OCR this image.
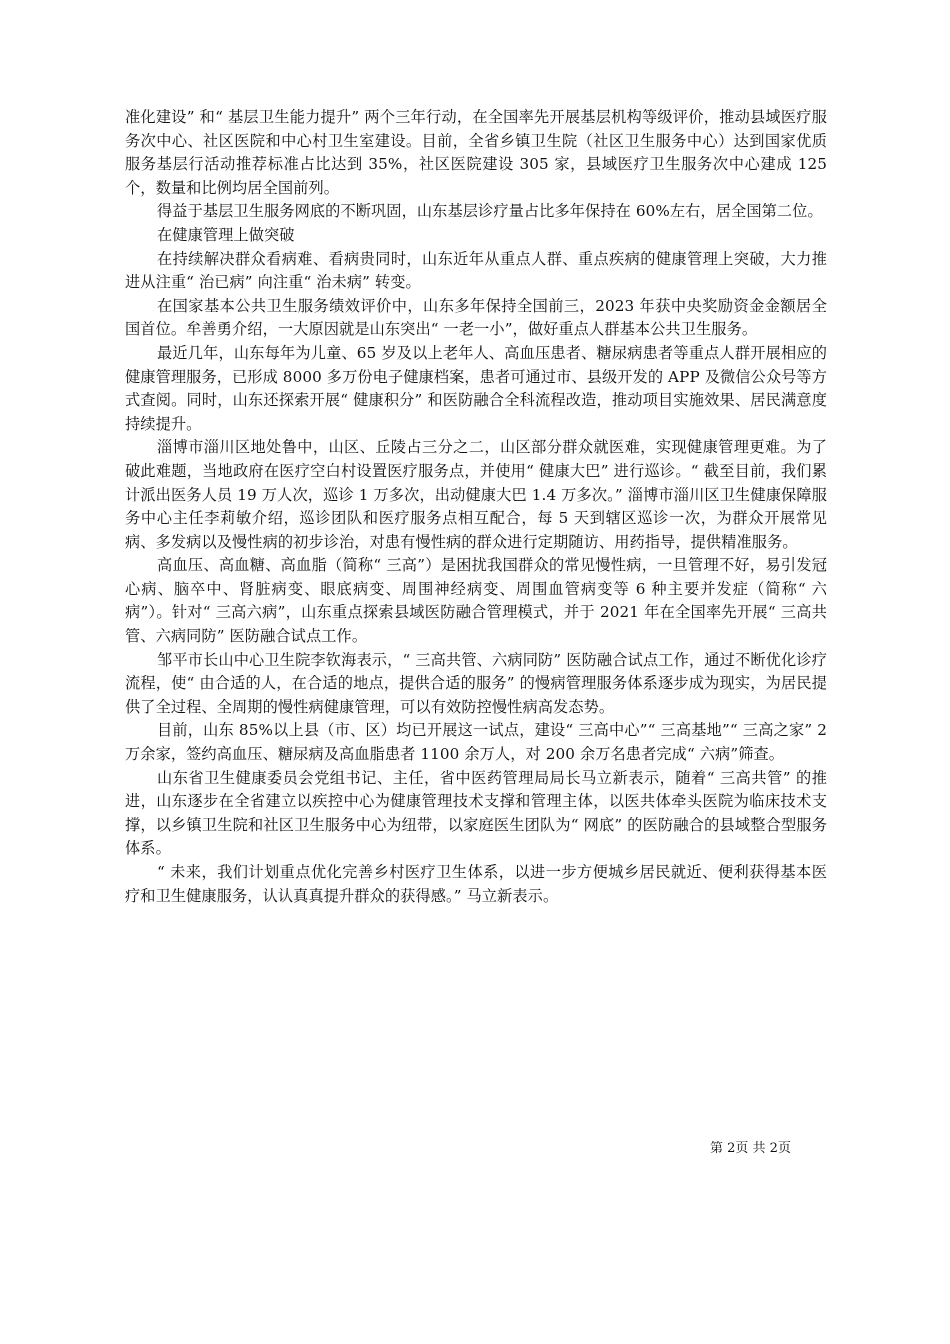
准化建设” 和“ 基层卫生能力提升” 两个三年行动，在全国率先开展基层机构等级评价，推动县域医疗服务次中心、社区医院和中心村卫生室建设。目前，全省乡镇卫生院（社区卫生服务中心）达到国家优质服务基层行活动推荐标准占比达到 35%，社区医院建设 305 家，县域医疗卫生服务次中心建成 125 个，数量和比例均居全国前列。

得益于基层卫生服务网底的不断巩固，山东基层诊疗量占比多年保持在 60%左右，居全国第二位。

在健康管理上做突破

在持续解决群众看病难、看病贵同时，山东近年从重点人群、重点疾病的健康管理上突破，大力推进从注重“ 治已病” 向注重“ 治未病” 转变。

在国家基本公共卫生服务绩效评价中，山东多年保持全国前三，2023 年获中央奖励资金金额居全国首位。牟善勇介绍，一大原因就是山东突出“ 一老一小”，做好重点人群基本公共卫生服务。

最近几年，山东每年为儿童、65 岁及以上老年人、高血压患者、糖尿病患者等重点人群开展相应的健康管理服务，已形成 8000 多万份电子健康档案，患者可通过市、县级开发的 APP 及微信公众号等方式查阅。同时，山东还探索开展“ 健康积分” 和医防融合全科流程改造，推动项目实施效果、居民满意度持续提升。

淄博市淄川区地处鲁中，山区、丘陵占三分之二，山区部分群众就医难，实现健康管理更难。为了破此难题，当地政府在医疗空白村设置医疗服务点，并使用“ 健康大巴” 进行巡诊。“ 截至目前，我们累计派出医务人员 19 万人次，巡诊 1 万多次，出动健康大巴 1.4 万多次。” 淄博市淄川区卫生健康保障服务中心主任李莉敏介绍，巡诊团队和医疗服务点相互配合，每 5 天到辖区巡诊一次，为群众开展常见病、多发病以及慢性病的初步诊治，对患有慢性病的群众进行定期随访、用药指导，提供精准服务。

高血压、高血糖、高血脂（简称“ 三高”）是困扰我国群众的常见慢性病，一旦管理不好，易引发冠心病、脑卒中、肾脏病变、眼底病变、周围神经病变、周围血管病变等 6 种主要并发症（简称“ 六病”）。针对“ 三高六病”，山东重点探索县域医防融合管理模式，并于 2021 年在全国率先开展“ 三高共管、六病同防” 医防融合试点工作。

邹平市长山中心卫生院李钦海表示，“ 三高共管、六病同防” 医防融合试点工作，通过不断优化诊疗流程，使“ 由合适的人，在合适的地点，提供合适的服务” 的慢病管理服务体系逐步成为现实，为居民提供了全过程、全周期的慢性病健康管理，可以有效防控慢性病高发态势。

目前，山东 85%以上县（市、区）均已开展这一试点，建设“ 三高中心”“ 三高基地”“ 三高之家” 2 万余家，签约高血压、糖尿病及高血脂患者 1100 余万人，对 200 余万名患者完成“ 六病”筛查。

山东省卫生健康委员会党组书记、主任，省中医药管理局局长马立新表示，随着“ 三高共管” 的推进，山东逐步在全省建立以疾控中心为健康管理技术支撑和管理主体，以医共体牵头医院为临床技术支撑，以乡镇卫生院和社区卫生服务中心为纽带，以家庭医生团队为“ 网底” 的医防融合的县域整合型服务体系。

“ 未来，我们计划重点优化完善乡村医疗卫生体系，以进一步方便城乡居民就近、便利获得基本医疗和卫生健康服务，认认真真提升群众的获得感。” 马立新表示。

第 2页 共 2页
